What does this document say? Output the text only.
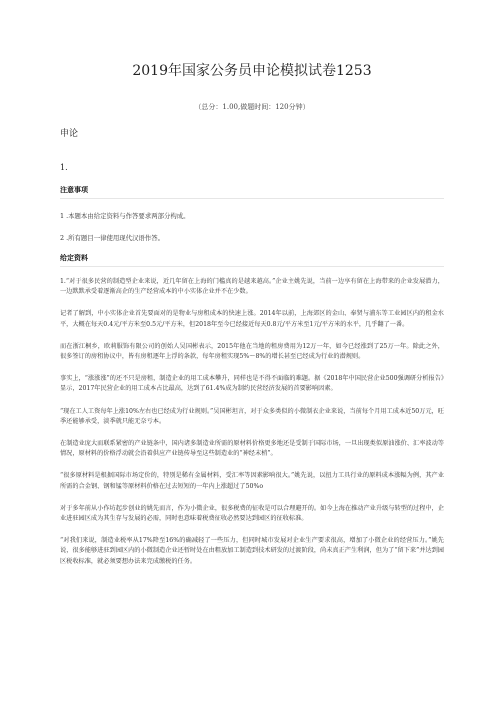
2019年国家公务员申论模拟试卷1253
（总分：1.00,做题时间：120分钟）
申论
1.
注意事项
1 .本题本由给定资料与作答要求两部分构成。
2 .所有题目一律使用现代汉语作答。
给定资料
1.“对于很多民营的制造型企业来说，近几年留在上海的门槛真的是越来越高。”企业主姚先说，当前一边享有留在上海带来的企业发展潜力，一边默默承受着逐渐高企的生产经营成本的中小实体企业并不在少数。
记者了解到，中小实体企业首先要面对的是物业与房租成本的快速上涨。2014年以前，上海郊区的金山、奉贤与浦东等工业园区内的租金水平，大概在每天0.4元/平方米至0.5元/平方米，但2018年至今已经接近每天0.8元/平方米至1元/平方米的水平，几乎翻了一番。
而在浙江桐乡，欧莉服饰有限公司的创始人吴国彬表示，2015年他在当地的租房费用为12万一年，如今已经涨到了25万一年。除此之外，很多签订的房租协议中，皆有房租逐年上浮的条款，每年房租实现5%～8%的增长甚至已经成为行业的潜规则。
事实上，“涨涨涨”的还不只是房租，制造企业的用工成本攀升，同样也是不得不面临的难题。据《2018年中国民营企业500强调研分析报告》显示，2017年民营企业的用工成本占比最高，达到了61.4%成为制约民营经济发展的首要影响因素。
“现在工人工资每年上涨10%左右也已经成为行业规则。”吴国彬坦言，对于众多类似的小微制衣企业来说，当前每个月用工成本近50万元，旺季还能够承受，淡季就只能无奈亏本。
在制造业庞大而联系紧密的产业链条中，国内诸多制造业所需的原材料价格更多地还是受制于国际市场，一旦出现类似原油涨价、汇率波动等情况，原材料的价格浮动就会沿着供应产业链传导至这些制造业的“神经末梢”。
“很多原材料是根据国际市场定价的，特别是稀有金属材料，受汇率等因素影响很大。”姚先说，以扭力工具行业的原料成本涨幅为例，其产业所需的合金钢、钢和锰等原材料价格在过去短短的一年内上涨超过了50%o
对于多年前从小作坊起步创业的姚先而言，作为小微企业，很多税费的征收是可以合理避开的。如今上海在推动产业升级与转型的过程中，企业进驻园区成为其生存与发展的必需，同时也意味着税费征收必然要达到园区的征收标准。
“对我们来说，制造业税率从17%降至16%的确减轻了一些压力，但同时城市发展对企业生产要求很高，增加了小微企业的经营压力。”姚先说，很多能够进驻到园区内的小微制造企业还暂时处在由粗放加工制造到技术研发的过渡阶段，尚未真正产生利润，但为了“留下来”并达到园区税收标准，就必须要想办法来完成缴税的任务。
